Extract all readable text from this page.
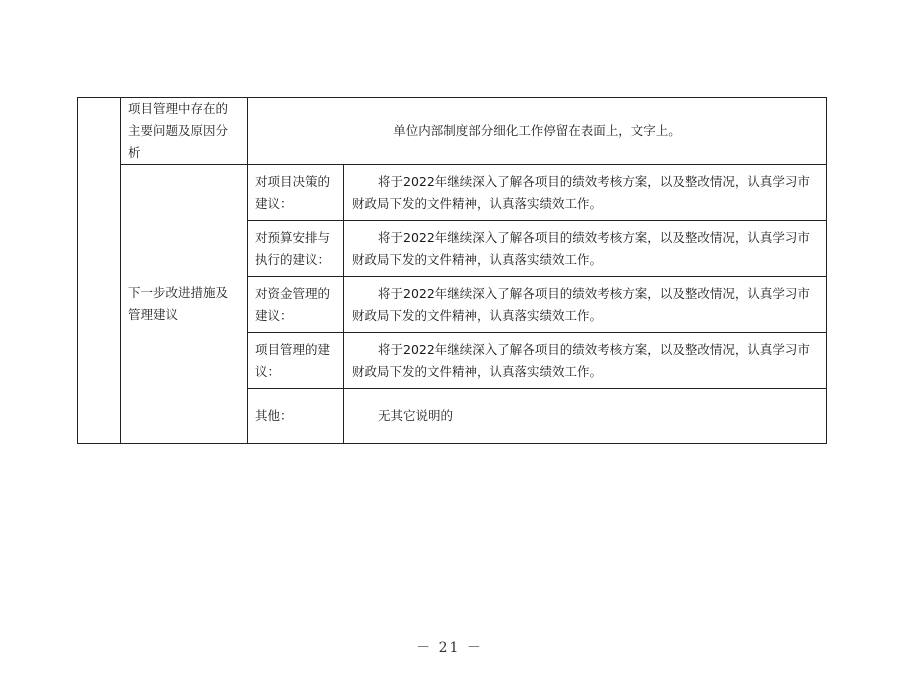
	项目管理中存在的主要问题及原因分析	单位内部制度部分细化工作停留在表面上，文字上。	
	下一步改进措施及管理建议	对项目决策的建议：	将于2022年继续深入了解各项目的绩效考核方案，以及整改情况，认真学习市财政局下发的文件精神，认真落实绩效工作。
		对预算安排与执行的建议：	将于2022年继续深入了解各项目的绩效考核方案，以及整改情况，认真学习市财政局下发的文件精神，认真落实绩效工作。
		对资金管理的建议：	将于2022年继续深入了解各项目的绩效考核方案，以及整改情况，认真学习市财政局下发的文件精神，认真落实绩效工作。
		项目管理的建议：	将于2022年继续深入了解各项目的绩效考核方案，以及整改情况，认真学习市财政局下发的文件精神，认真落实绩效工作。
		其他：	无其它说明的
－ 21 －
